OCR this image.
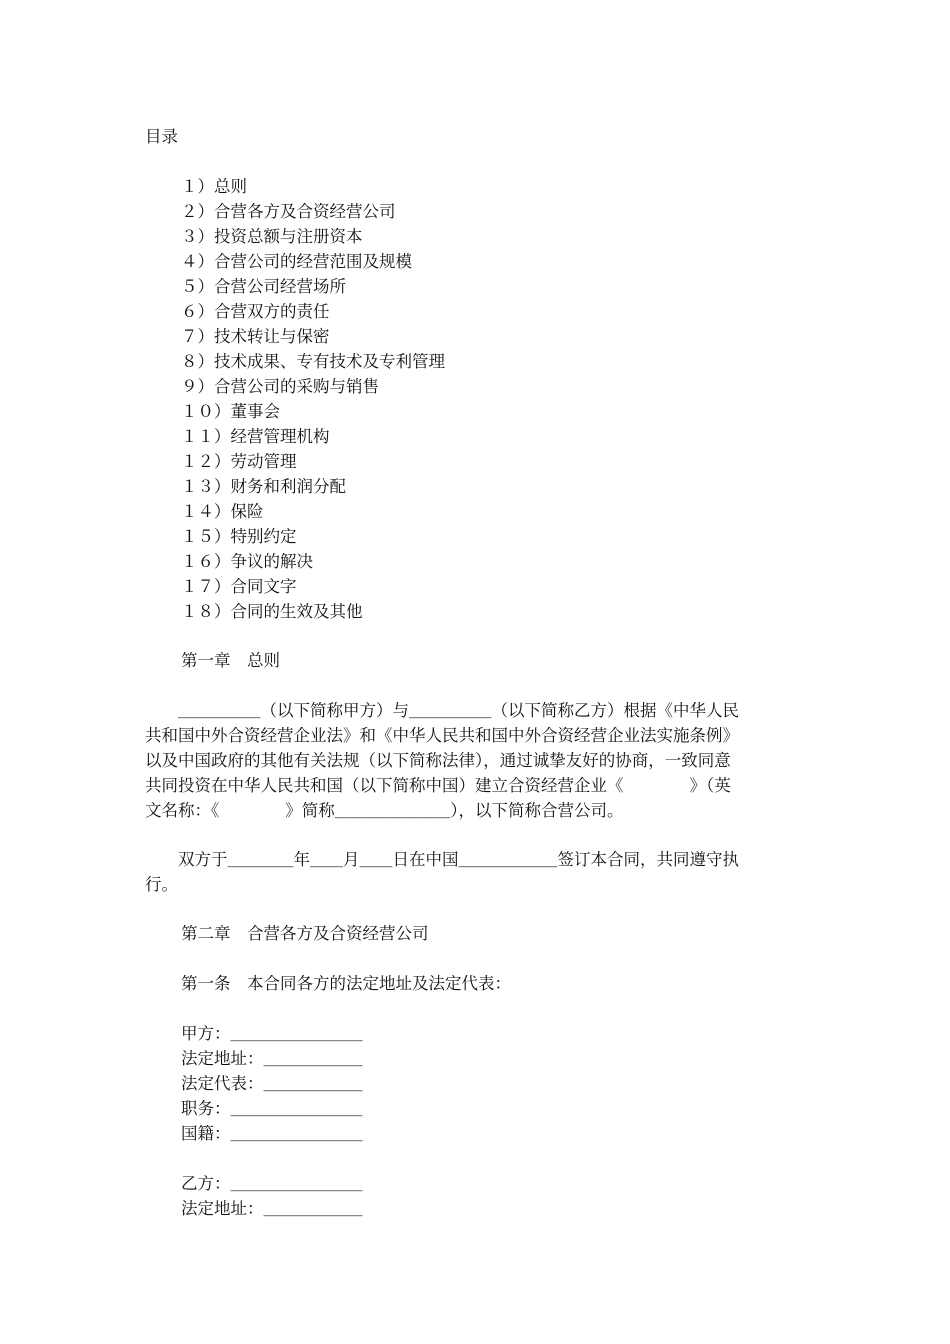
目录
１）总则
２）合营各方及合资经营公司
３）投资总额与注册资本
４）合营公司的经营范围及规模
５）合营公司经营场所
６）合营双方的责任
７）技术转让与保密
８）技术成果、专有技术及专利管理
９）合营公司的采购与销售
１０）董事会
１１）经营管理机构
１２）劳动管理
１３）财务和利润分配
１４）保险
１５）特别约定
１６）争议的解决
１７）合同文字
１８）合同的生效及其他
第一章　总则
　　＿＿＿＿＿（以下简称甲方）与＿＿＿＿＿（以下简称乙方）根据《中华人民
共和国中外合资经营企业法》和《中华人民共和国中外合资经营企业法实施条例》
以及中国政府的其他有关法规（以下简称法律），通过诚挚友好的协商，一致同意
共同投资在中华人民共和国（以下简称中国）建立合资经营企业《　　　　》（英
文名称：《　　　　》简称＿＿＿＿＿＿＿），以下简称合营公司。
　　双方于＿＿＿＿年＿＿月＿＿日在中国＿＿＿＿＿＿签订本合同，共同遵守执
行。
第二章　合营各方及合资经营公司
第一条　本合同各方的法定地址及法定代表：
甲方：＿＿＿＿＿＿＿＿
法定地址：＿＿＿＿＿＿
法定代表：＿＿＿＿＿＿
职务：＿＿＿＿＿＿＿＿
国籍：＿＿＿＿＿＿＿＿
乙方：＿＿＿＿＿＿＿＿
法定地址：＿＿＿＿＿＿
